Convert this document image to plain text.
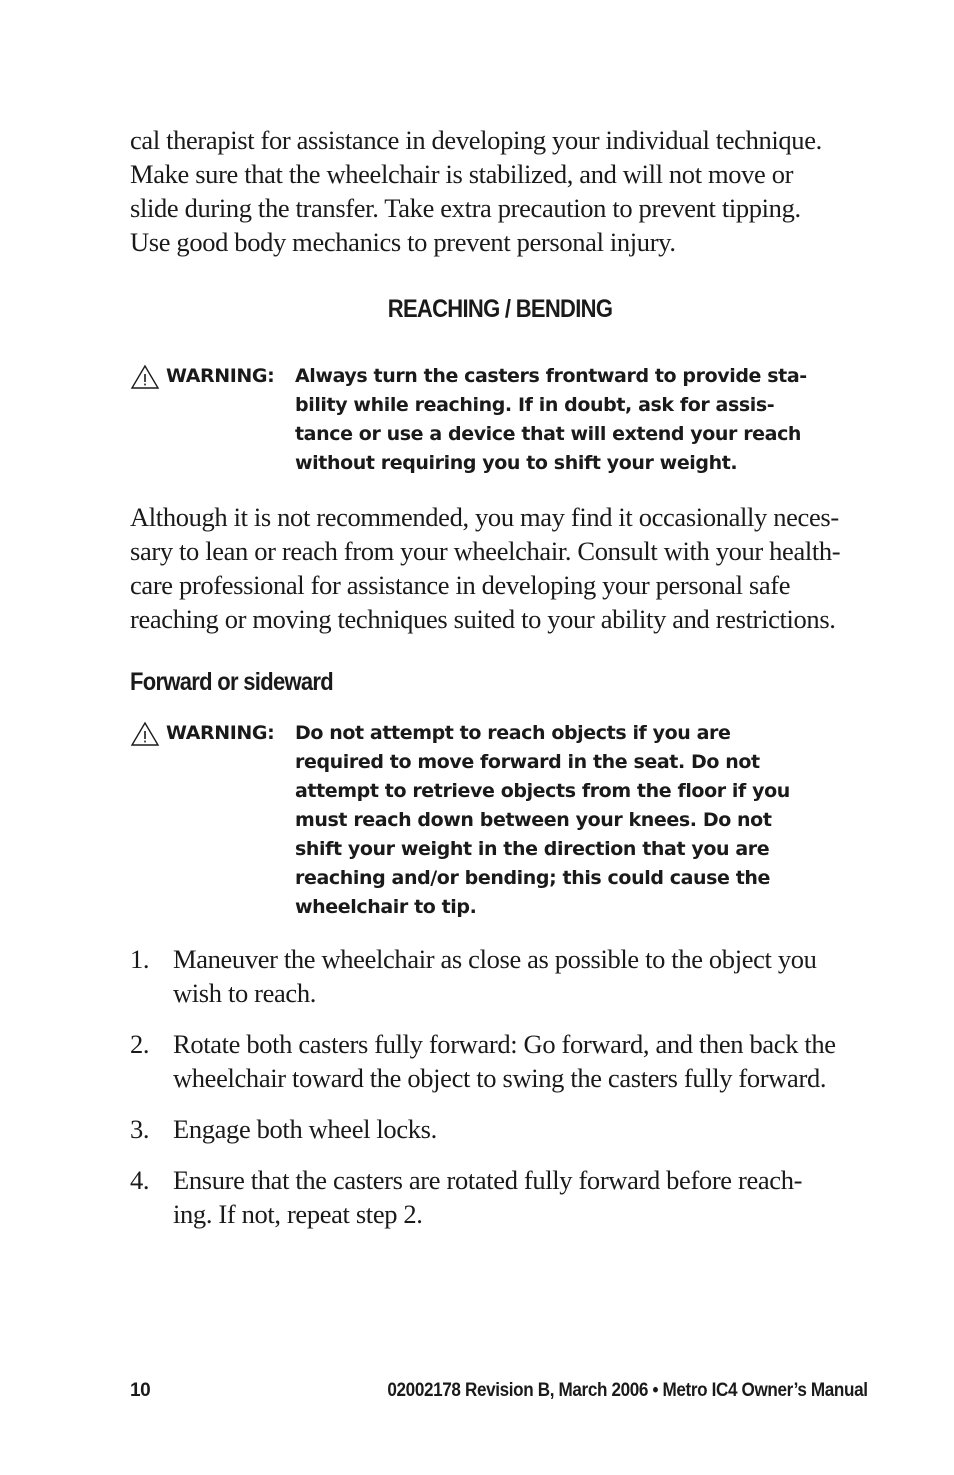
cal therapist for assistance in developing your individual technique.
Make sure that the wheelchair is stabilized, and will not move or
slide during the transfer. Take extra precaution to prevent tipping.
Use good body mechanics to prevent personal injury.
REACHING / BENDING
WARNING: Always turn the casters frontward to provide sta-
bility while reaching. If in doubt, ask for assis-
tance or use a device that will extend your reach
without requiring you to shift your weight.
Although it is not recommended, you may find it occasionally neces-
sary to lean or reach from your wheelchair. Consult with your health-
care professional for assistance in developing your personal safe
reaching or moving techniques suited to your ability and restrictions.
Forward or sideward
WARNING: Do not attempt to reach objects if you are
required to move forward in the seat. Do not
attempt to retrieve objects from the floor if you
must reach down between your knees. Do not
shift your weight in the direction that you are
reaching and/or bending; this could cause the
wheelchair to tip.
1. Maneuver the wheelchair as close as possible to the object you
wish to reach.
2. Rotate both casters fully forward: Go forward, and then back the
wheelchair toward the object to swing the casters fully forward.
3. Engage both wheel locks.
4. Ensure that the casters are rotated fully forward before reach-
ing. If not, repeat step 2.
10	02002178 Revision B, March 2006 • Metro IC4 Owner’s Manual
